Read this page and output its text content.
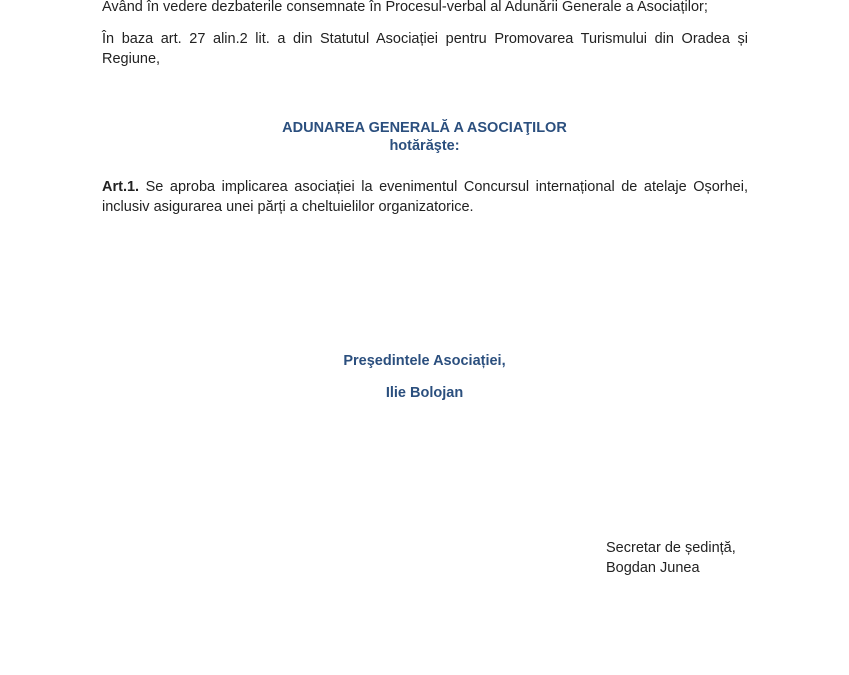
Având în vedere dezbaterile consemnate în Procesul-verbal al Adunării Generale a Asociaților;
În baza art. 27 alin.2 lit. a din Statutul Asociației pentru Promovarea Turismului din Oradea și Regiune,
ADUNAREA GENERALĂ A ASOCIAŢILOR
hotărăşte:
Art.1. Se aproba implicarea asociației la evenimentul Concursul internațional de atelaje Oșorhei, inclusiv asigurarea unei părți a cheltuielilor organizatorice.
Preşedintele Asociației,
Ilie Bolojan
Secretar de ședință,
Bogdan Junea
